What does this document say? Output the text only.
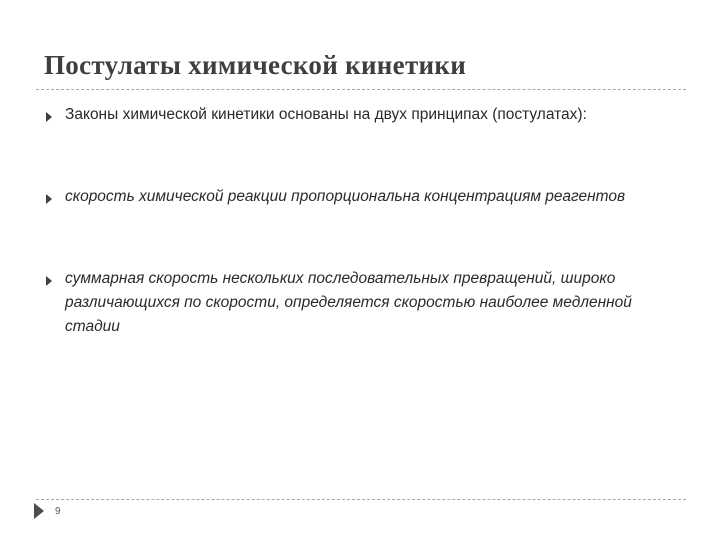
Постулаты химической кинетики
Законы химической кинетики основаны на двух принципах (постулатах):
скорость химической реакции пропорциональна концентрациям реагентов
суммарная скорость нескольких последовательных превращений, широко различающихся по скорости, определяется скоростью наиболее медленной стадии
9
